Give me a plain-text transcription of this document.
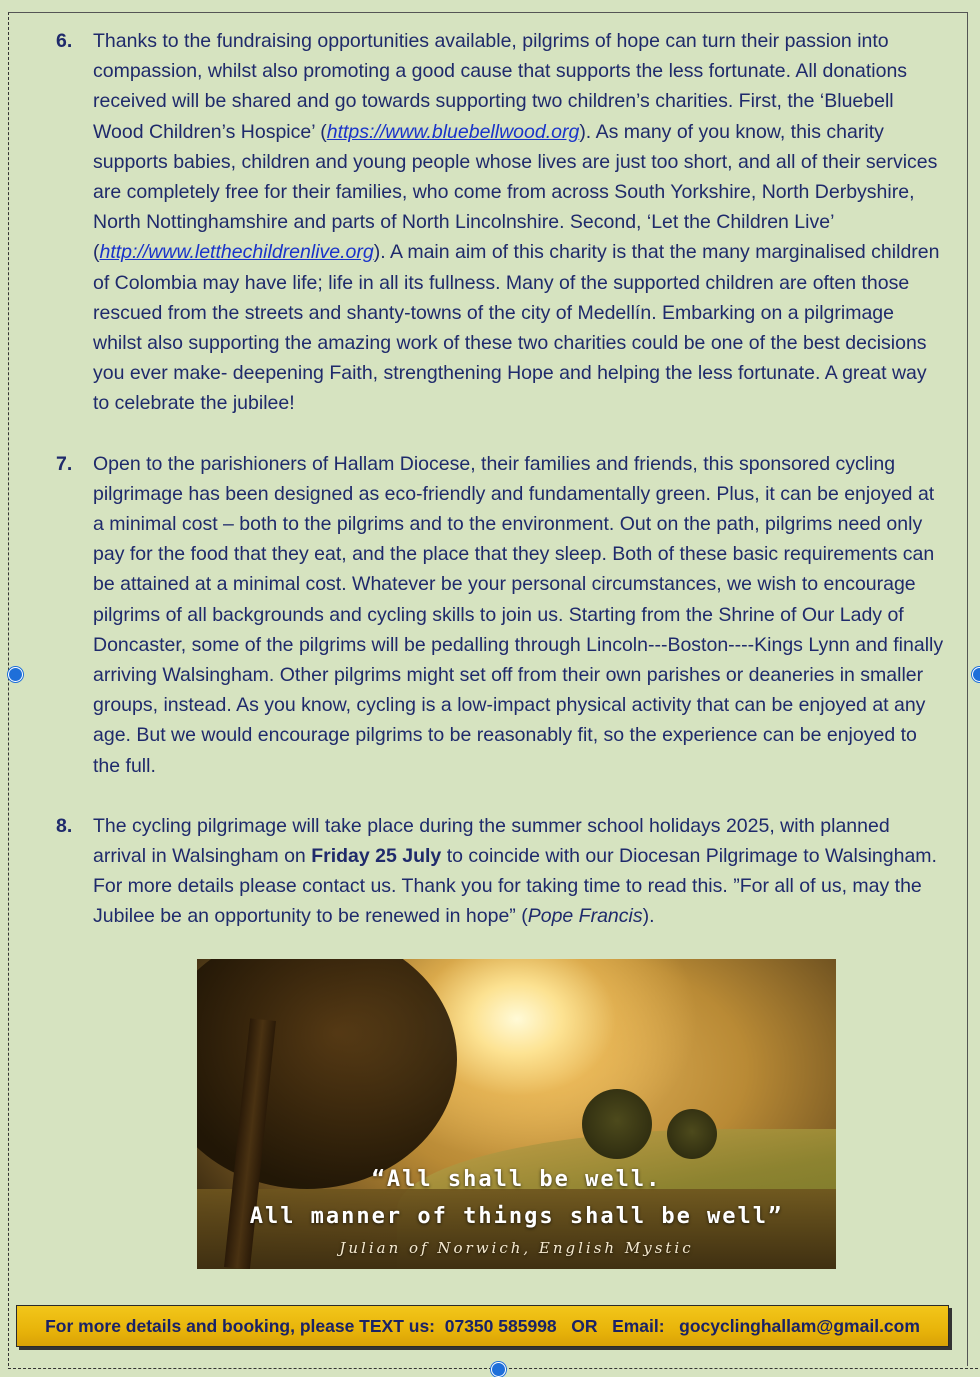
6.	Thanks to the fundraising opportunities available, pilgrims of hope can turn their passion into compassion, whilst also promoting a good cause that supports the less fortunate. All donations received will be shared and go towards supporting two children’s charities. First, the ‘Bluebell Wood Children’s Hospice’ (https://www.bluebellwood.org). As many of you know, this charity supports babies, children and young people whose lives are just too short, and all of their services are completely free for their families, who come from across South Yorkshire, North Derbyshire, North Nottinghamshire and parts of North Lincolnshire. Second, ‘Let the Children Live’ (http://www.letthechildrenlive.org). A main aim of this charity is that the many marginalised children of Colombia may have life; life in all its fullness. Many of the supported children are often those rescued from the streets and shanty-towns of the city of Medellín. Embarking on a pilgrimage whilst also supporting the amazing work of these two charities could be one of the best decisions you ever make- deepening Faith, strengthening Hope and helping the less fortunate. A great way to celebrate the jubilee!
7.	Open to the parishioners of Hallam Diocese, their families and friends, this sponsored cycling pilgrimage has been designed as eco-friendly and fundamentally green. Plus, it can be enjoyed at a minimal cost – both to the pilgrims and to the environment. Out on the path, pilgrims need only pay for the food that they eat, and the place that they sleep. Both of these basic requirements can be attained at a minimal cost. Whatever be your personal circumstances, we wish to encourage pilgrims of all backgrounds and cycling skills to join us. Starting from the Shrine of Our Lady of Doncaster, some of the pilgrims will be pedalling through Lincoln---Boston----Kings Lynn and finally arriving Walsingham. Other pilgrims might set off from their own parishes or deaneries in smaller groups, instead. As you know, cycling is a low-impact physical activity that can be enjoyed at any age. But we would encourage pilgrims to be reasonably fit, so the experience can be enjoyed to the full.
8.	The cycling pilgrimage will take place during the summer school holidays 2025, with planned arrival in Walsingham on Friday 25 July to coincide with our Diocesan Pilgrimage to Walsingham. For more details please contact us. Thank you for taking time to read this. ”For all of us, may the Jubilee be an opportunity to be renewed in hope” (Pope Francis).
“All shall be well.
All manner of things shall be well”
Julian of Norwich, English Mystic
For more details and booking, please TEXT us:  07350 585998   OR   Email:   gocyclinghallam@gmail.com
